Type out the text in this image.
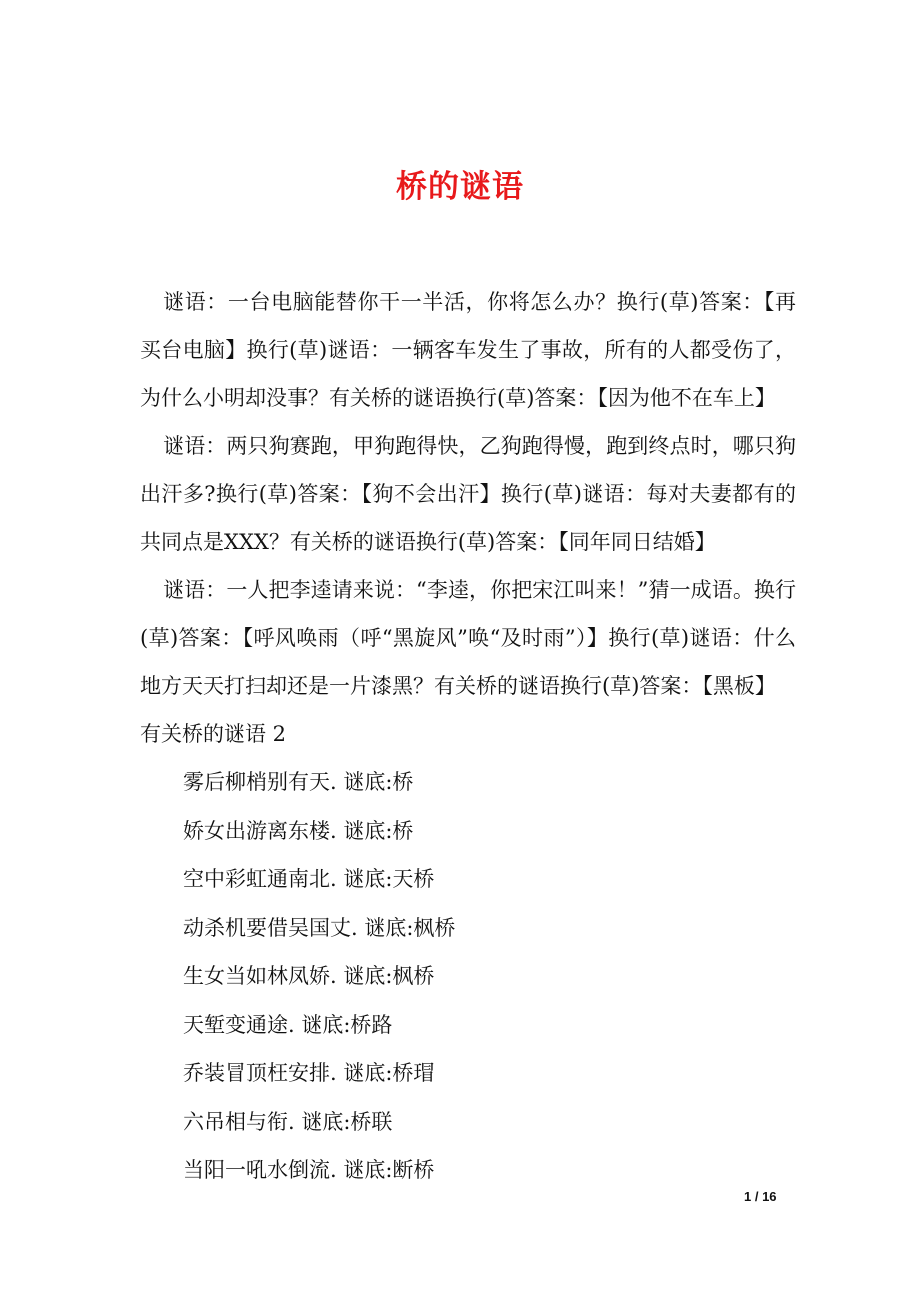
桥的谜语

谜语：一台电脑能替你干一半活，你将怎么办？换行(草)答案：【再买台电脑】换行(草)谜语：一辆客车发生了事故，所有的人都受伤了，为什么小明却没事？有关桥的谜语换行(草)答案：【因为他不在车上】

谜语：两只狗赛跑，甲狗跑得快，乙狗跑得慢，跑到终点时，哪只狗出汗多?换行(草)答案：【狗不会出汗】换行(草)谜语：每对夫妻都有的共同点是XXX？有关桥的谜语换行(草)答案：【同年同日结婚】

谜语：一人把李逵请来说：“李逵，你把宋江叫来！”猜一成语。换行(草)答案：【呼风唤雨（呼“黑旋风”唤“及时雨”）】换行(草)谜语：什么地方天天打扫却还是一片漆黑？有关桥的谜语换行(草)答案：【黑板】

有关桥的谜语 2

雾后柳梢别有天. 谜底:桥
娇女出游离东楼. 谜底:桥
空中彩虹通南北. 谜底:天桥
动杀机要借吴国丈. 谜底:枫桥
生女当如林凤娇. 谜底:枫桥
天堑变通途. 谜底:桥路
乔装冒顶枉安排. 谜底:桥瑁
六吊相与衔. 谜底:桥联
当阳一吼水倒流. 谜底:断桥
1 / 16
